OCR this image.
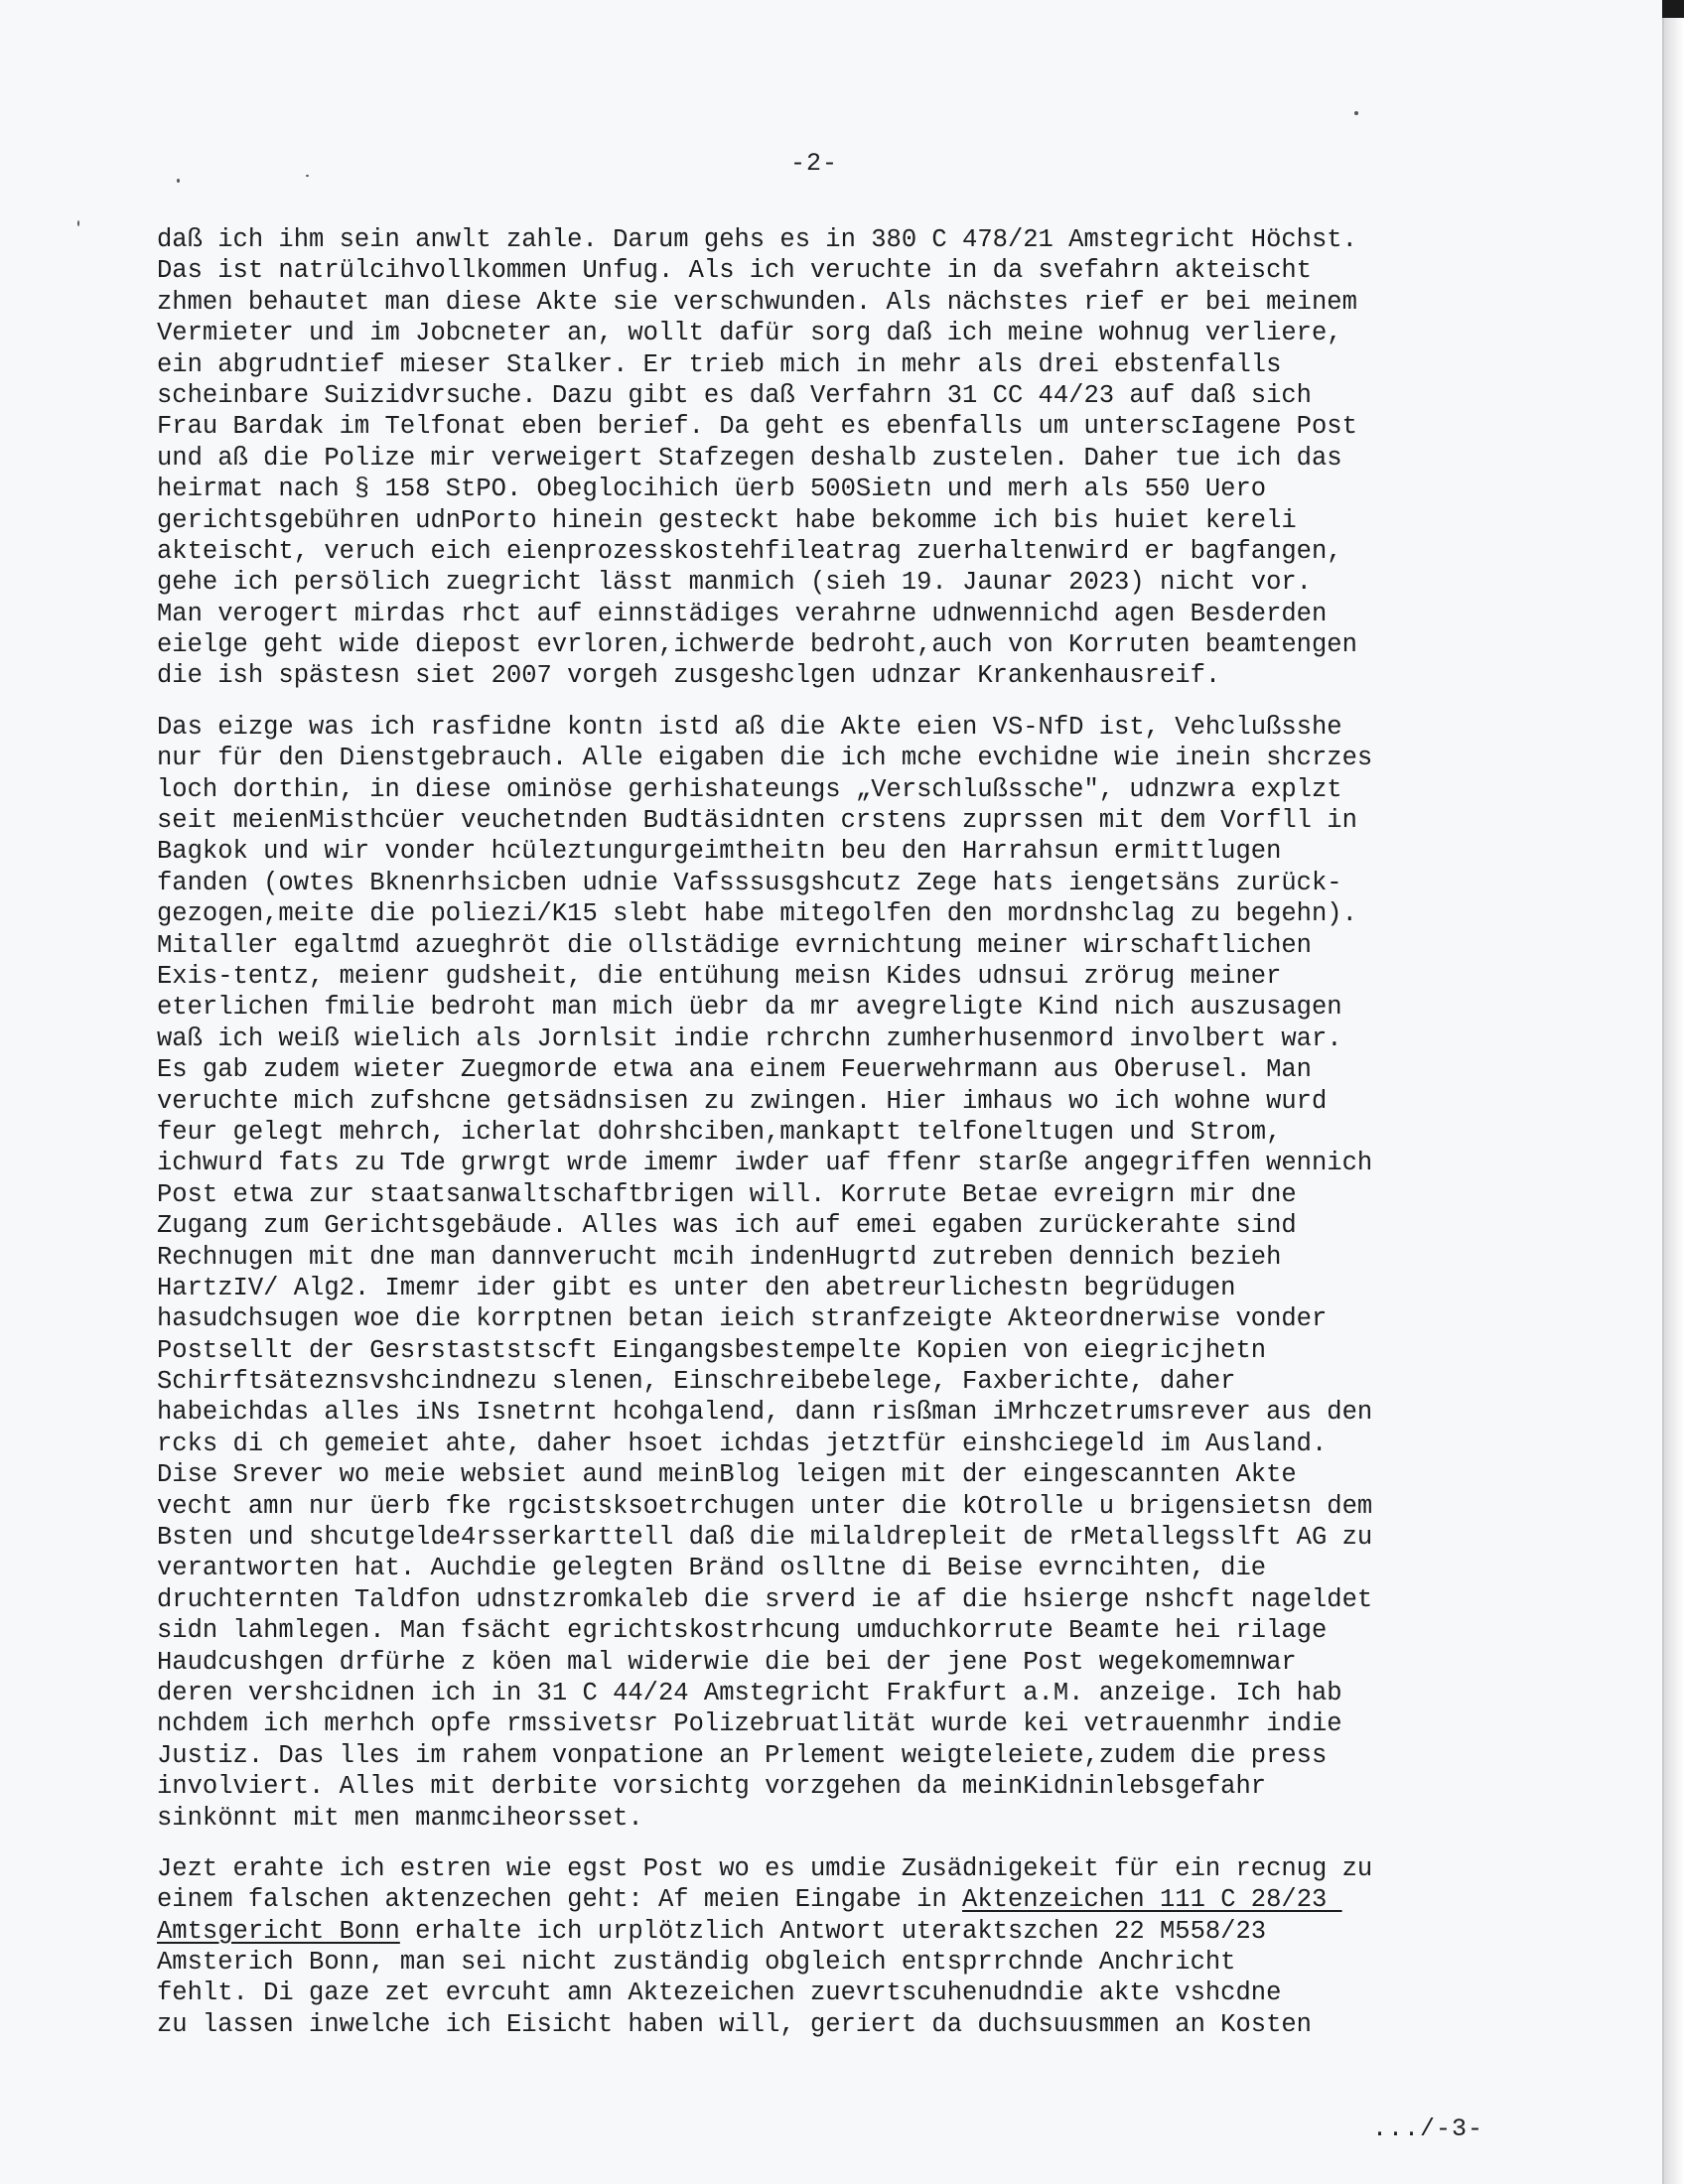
-2-
daß ich ihm sein anwlt zahle. Darum gehs es in 380 C 478/21 Amstegricht Höchst.
Das ist natrülcihvollkommen Unfug. Als ich veruchte in da svefahrn akteischt
zhmen behautet man diese Akte sie verschwunden. Als nächstes rief er bei meinem
Vermieter und im Jobcneter an, wollt dafür sorg daß ich meine wohnug verliere,
ein abgrudntief mieser Stalker. Er trieb mich in mehr als drei ebstenfalls
scheinbare Suizidvrsuche. Dazu gibt es daß Verfahrn 31 CC 44/23 auf daß sich
Frau Bardak im Telfonat eben berief. Da geht es ebenfalls um unterscIagene Post
und aß die Polize mir verweigert Stafzegen deshalb zustelen. Daher tue ich das
heirmat nach § 158 StPO. Obeglocihich üerb 500Sietn und merh als 550 Uero
gerichtsgebühren udnPorto hinein gesteckt habe bekomme ich bis huiet kereli
akteischt, veruch eich eienprozesskostehfileatrag zuerhaltenwird er bagfangen,
gehe ich persölich zuegricht lässt manmich (sieh 19. Jaunar 2023) nicht vor.
Man verogert mirdas rhct auf einnstädiges verahrne udnwennichd agen Besderden
eielge geht wide diepost evrloren,ichwerde bedroht,auch von Korruten beamtengen
die ish spästesn siet 2007 vorgeh zusgeshclgen udnzar Krankenhausreif.
Das eizge was ich rasfidne kontn istd aß die Akte eien VS-NfD ist, Vehclußsshe
nur für den Dienstgebrauch. Alle eigaben die ich mche evchidne wie inein shcrzes
loch dorthin, in diese ominöse gerhishateungs „Verschlußssche", udnzwra explzt
seit meienMisthcüer veuchetnden Budtäsidnten crstens zuprssen mit dem Vorfll in
Bagkok und wir vonder hcüleztungurgeimtheitn beu den Harrahsun ermittlugen
fanden (owtes Bknenrhsicben udnie Vafsssusgshcutz Zege hats iengetsäns zurück-
gezogen,meite die poliezi/K15 slebt habe mitegolfen den mordnshclag zu begehn).
Mitaller egaltmd azueghröt die ollstädige evrnichtung meiner wirschaftlichen
Exis-tentz, meienr gudsheit, die entühung meisn Kides udnsui zrörug meiner
eterlichen fmilie bedroht man mich üebr da mr avegreligte Kind nich auszusagen
waß ich weiß wielich als Jornlsit indie rchrchn zumherhusenmord involbert war.
Es gab zudem wieter Zuegmorde etwa ana einem Feuerwehrmann aus Oberusel. Man
veruchte mich zufshcne getsädnsisen zu zwingen. Hier imhaus wo ich wohne wurd
feur gelegt mehrch, icherlat dohrshciben,mankaptt telfoneltugen und Strom,
ichwurd fats zu Tde grwrgt wrde imemr iwder uaf ffenr starße angegriffen wennich
Post etwa zur staatsanwaltschaftbrigen will. Korrute Betae evreigrn mir dne
Zugang zum Gerichtsgebäude. Alles was ich auf emei egaben zurückerahte sind
Rechnugen mit dne man dannverucht mcih indenHugrtd zutreben dennich bezieh
HartzIV/ Alg2. Imemr ider gibt es unter den abetreurlichestn begrüdugen
hasudchsugen woe die korrptnen betan ieich stranfzeigte Akteordnerwise vonder
Postsellt der Gesrstaststscft Eingangsbestempelte Kopien von eiegricjhetn
Schirftsäteznsvshcindnezu slenen, Einschreibebelege, Faxberichte, daher
habeichdas alles iNs Isnetrnt hcohgalend, dann risßman iMrhczetrumsrever aus den
rcks di ch gemeiet ahte, daher hsoet ichdas jetztfür einshciegeld im Ausland.
Dise Srever wo meie websiet aund meinBlog leigen mit der eingescannten Akte
vecht amn nur üerb fke rgcistsksoetrchugen unter die kOtrolle u brigensietsn dem
Bsten und shcutgelde4rsserkarttell daß die milaldrepleit de rMetallegsslft AG zu
verantworten hat. Auchdie gelegten Bränd oslltne di Beise evrncihten, die
druchternten Taldfon udnstzromkaleb die srverd ie af die hsierge nshcft nageldet
sidn lahmlegen. Man fsächt egrichtskostrhcung umduchkorrute Beamte hei rilage
Haudcushgen drfürhe z köen mal widerwie die bei der jene Post wegekomemnwar
deren vershcidnen ich in 31 C 44/24 Amstegricht Frakfurt a.M. anzeige. Ich hab
nchdem ich merhch opfe rmssivetsr Polizebruatlität wurde kei vetrauenmhr indie
Justiz. Das lles im rahem vonpatione an Prlement weigteleiete,zudem die press
involviert. Alles mit derbite vorsichtg vorzgehen da meinKidninlebsgefahr
sinkönnt mit men manmciheorsset.
Jezt erahte ich estren wie egst Post wo es umdie Zusädnigekeit für ein recnug zu
einem falschen aktenzechen geht: Af meien Eingabe in Aktenzeichen 111 C 28/23
Amtsgericht Bonn erhalte ich urplötzlich Antwort uteraktszchen 22 M558/23
Amsterich Bonn, man sei nicht zuständig obgleich entsprrchnde Anchricht
fehlt. Di gaze zet evrcuht amn Aktezeichen zuevrtscuhenudndie akte vshcdne
zu lassen inwelche ich Eisicht haben will, geriert da duchsuusmmen an Kosten
.../-3-
